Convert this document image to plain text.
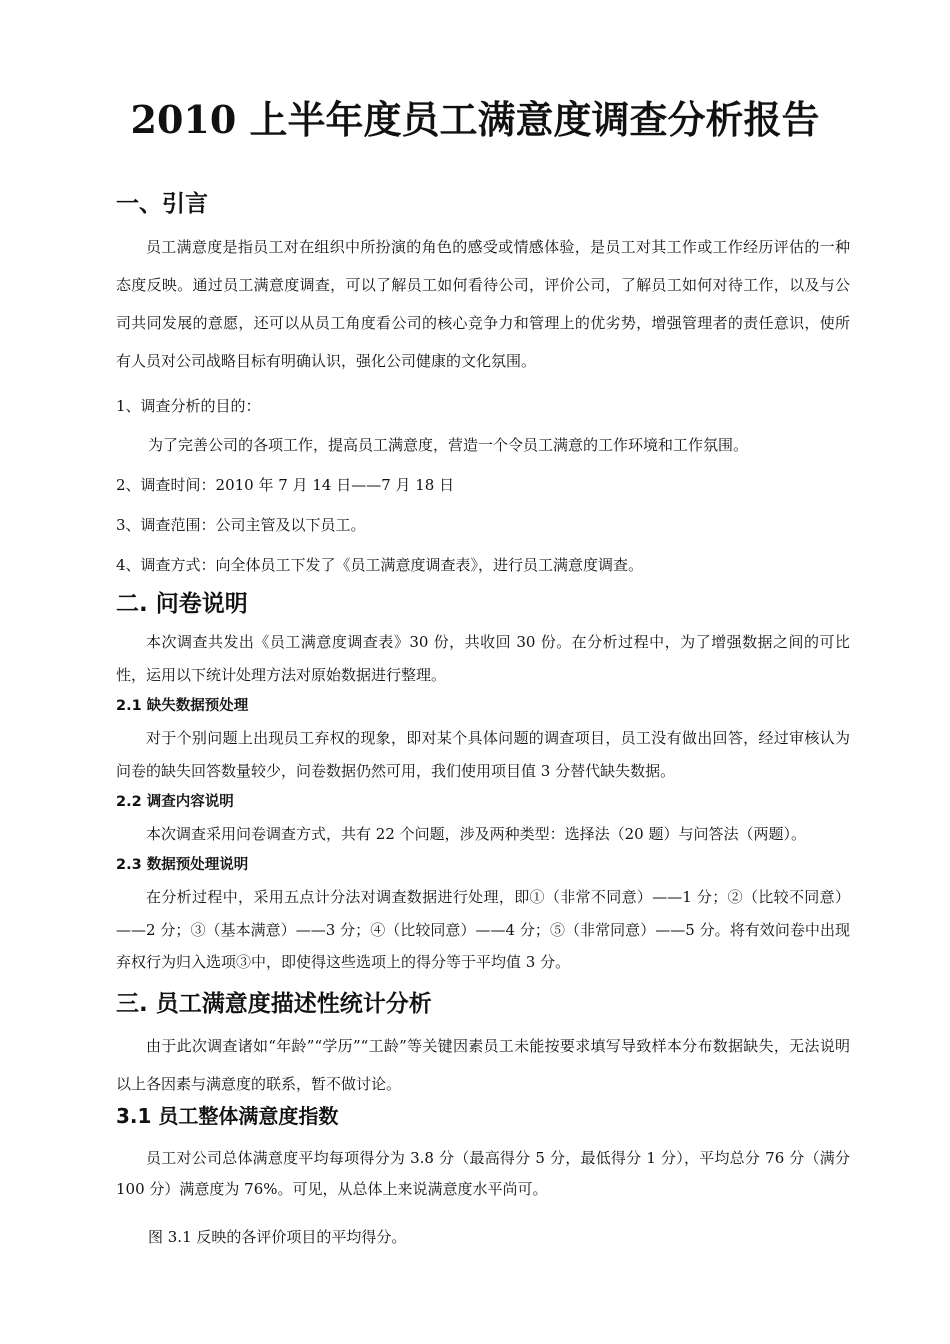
2010 上半年度员工满意度调查分析报告
一、引言

员工满意度是指员工对在组织中所扮演的角色的感受或情感体验，是员工对其工作或工作经历评估的一种态度反映。通过员工满意度调查，可以了解员工如何看待公司，评价公司，了解员工如何对待工作，以及与公司共同发展的意愿，还可以从员工角度看公司的核心竞争力和管理上的优劣势，增强管理者的责任意识，使所有人员对公司战略目标有明确认识，强化公司健康的文化氛围。

1、调查分析的目的：
为了完善公司的各项工作，提高员工满意度，营造一个令员工满意的工作环境和工作氛围。
2、调查时间：2010 年 7 月 14 日——7 月 18 日
3、调查范围：公司主管及以下员工。
4、调查方式：向全体员工下发了《员工满意度调查表》，进行员工满意度调查。
二. 问卷说明

本次调查共发出《员工满意度调查表》30 份，共收回 30 份。在分析过程中，为了增强数据之间的可比性，运用以下统计处理方法对原始数据进行整理。

2.1 缺失数据预处理

对于个别问题上出现员工弃权的现象，即对某个具体问题的调查项目，员工没有做出回答，经过审核认为问卷的缺失回答数量较少，问卷数据仍然可用，我们使用项目值 3 分替代缺失数据。

2.2 调查内容说明

本次调查采用问卷调查方式，共有 22 个问题，涉及两种类型：选择法（20 题）与问答法（两题）。

2.3 数据预处理说明

在分析过程中，采用五点计分法对调查数据进行处理，即①（非常不同意）——1 分；②（比较不同意）——2 分；③（基本满意）——3 分；④（比较同意）——4 分；⑤（非常同意）——5 分。将有效问卷中出现弃权行为归入选项③中，即使得这些选项上的得分等于平均值 3 分。

三. 员工满意度描述性统计分析

由于此次调查诸如“年龄”“学历”“工龄”等关键因素员工未能按要求填写导致样本分布数据缺失，无法说明以上各因素与满意度的联系，暂不做讨论。

3.1 员工整体满意度指数

员工对公司总体满意度平均每项得分为 3.8 分（最高得分 5 分，最低得分 1 分），平均总分 76 分（满分 100 分）满意度为 76%。可见，从总体上来说满意度水平尚可。

图 3.1 反映的各评价项目的平均得分。
